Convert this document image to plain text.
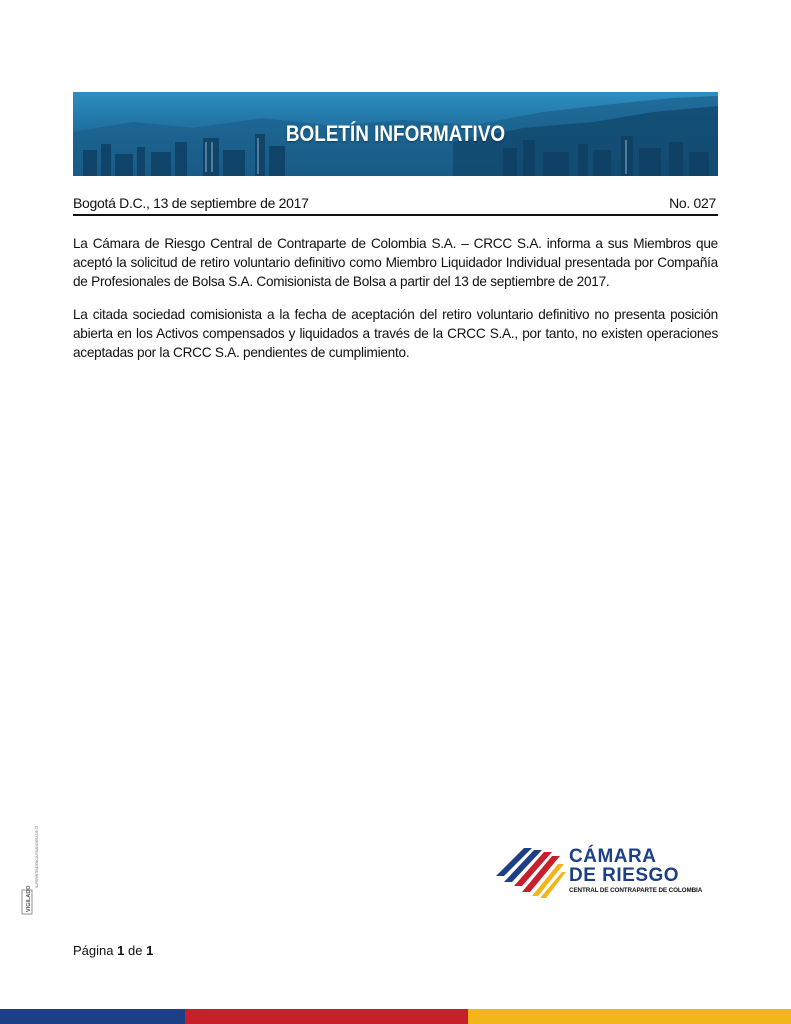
BOLETÍN INFORMATIVO
Bogotá D.C., 13 de septiembre de 2017	No. 027

La Cámara de Riesgo Central de Contraparte de Colombia S.A. – CRCC S.A. informa a sus Miembros que aceptó la solicitud de retiro voluntario definitivo como Miembro Liquidador Individual presentada por Compañía de Profesionales de Bolsa S.A. Comisionista de Bolsa a partir del 13 de septiembre de 2017.

La citada sociedad comisionista a la fecha de aceptación del retiro voluntario definitivo no presenta posición abierta en los Activos compensados y liquidados a través de la CRCC S.A., por tanto, no existen operaciones aceptadas por la CRCC S.A. pendientes de cumplimiento.

VIGILADO
SUPERINTENDENCIA FINANCIERA DE COLOMBIA	CÁMARA
DE RIESGO
CENTRAL DE CONTRAPARTE DE COLOMBIA
Página 1 de 1
